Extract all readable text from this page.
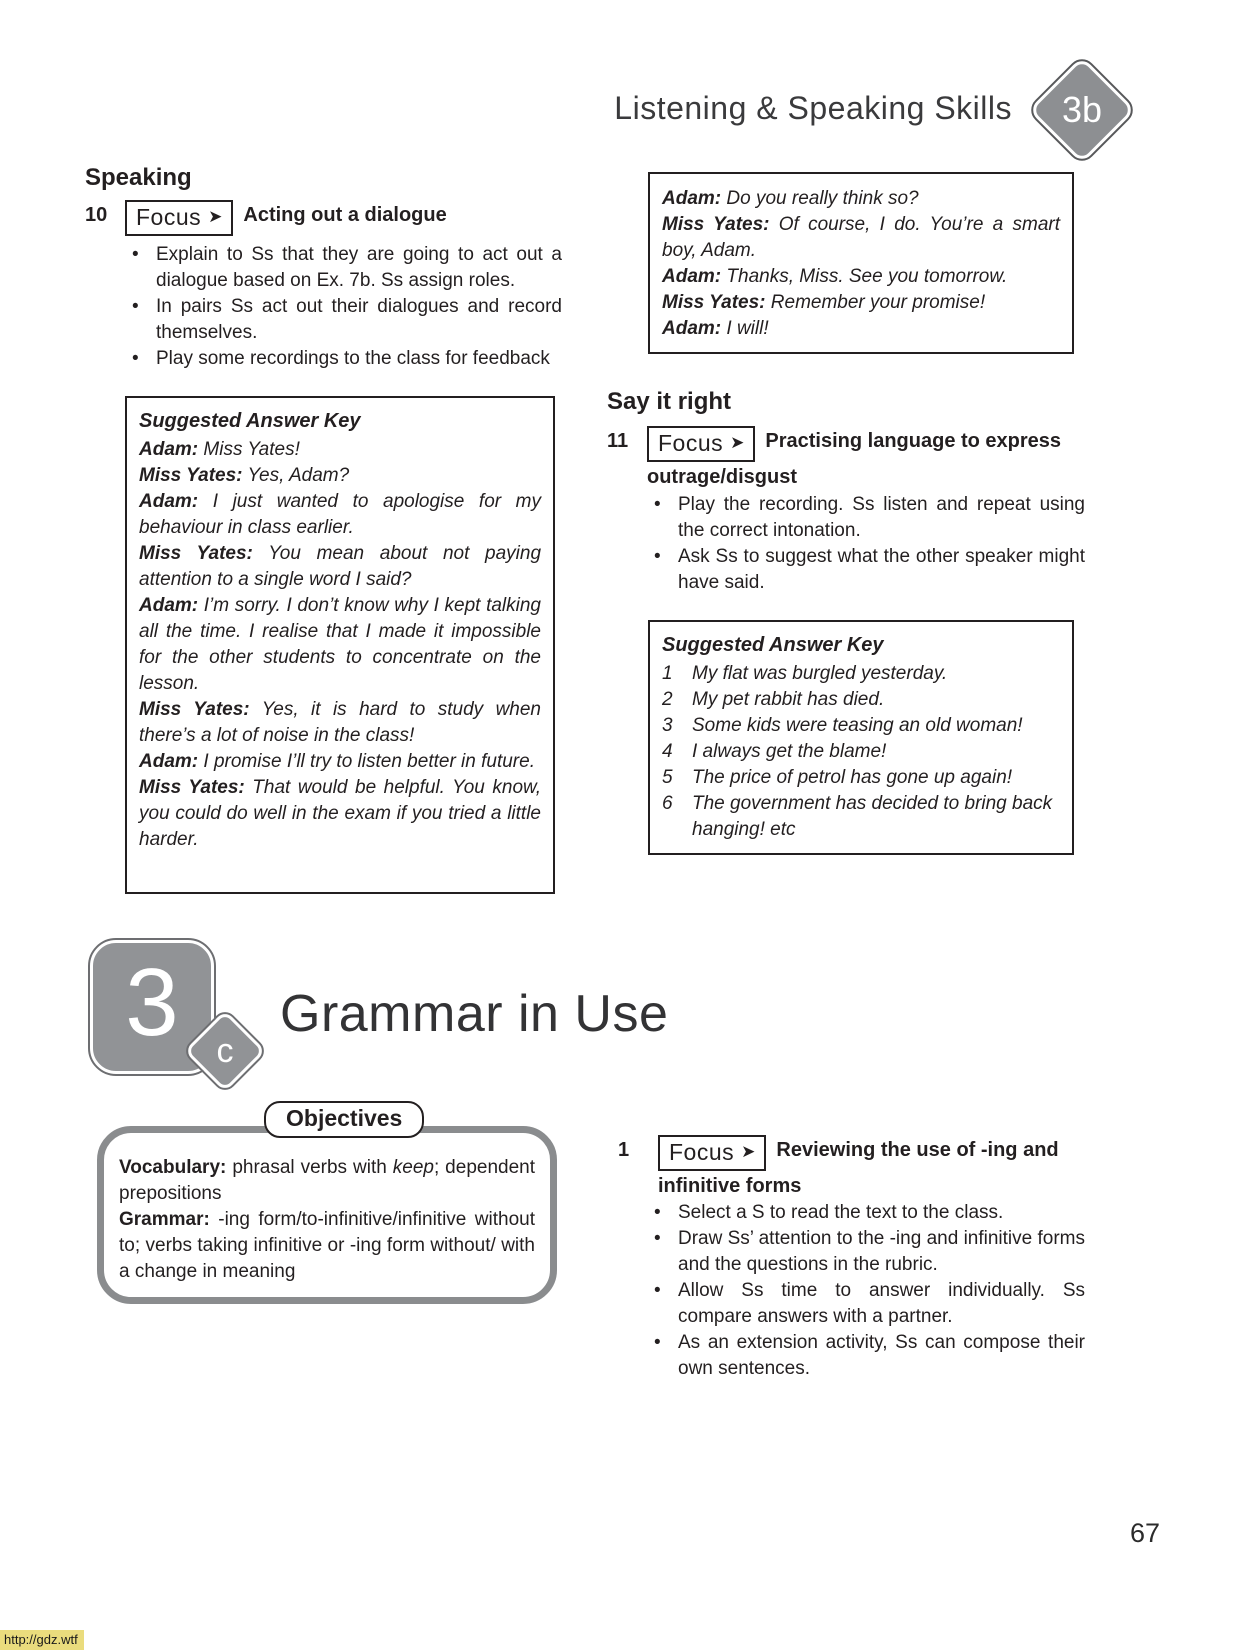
Listening & Speaking Skills 3b
Speaking
10	Focus ➤ Acting out a dialogue
• Explain to Ss that they are going to act out a dialogue based on Ex. 7b. Ss assign roles.
• In pairs Ss act out their dialogues and record themselves.
• Play some recordings to the class for feedback
Suggested Answer Key

Adam: Miss Yates!

Miss Yates: Yes, Adam?

Adam: I just wanted to apologise for my behaviour in class earlier.

Miss Yates: You mean about not paying attention to a single word I said?

Adam: I’m sorry. I don’t know why I kept talking all the time. I realise that I made it impossible for the other students to concentrate on the lesson.

Miss Yates: Yes, it is hard to study when there’s a lot of noise in the class!

Adam: I promise I’ll try to listen better in future.

Miss Yates: That would be helpful. You know, you could do well in the exam if you tried a little harder.

Adam: Do you really think so?

Miss Yates: Of course, I do. You’re a smart boy, Adam.

Adam: Thanks, Miss. See you tomorrow.

Miss Yates: Remember your promise!

Adam: I will!

Say it right
11	Focus ➤ Practising language to express outrage/disgust
• Play the recording. Ss listen and repeat using the correct intonation.
• Ask Ss to suggest what the other speaker might have said.
Suggested Answer Key
1	My flat was burgled yesterday.
2	My pet rabbit has died.
3	Some kids were teasing an old woman!
4	I always get the blame!
5	The price of petrol has gone up again!
6	The government has decided to bring back hanging! etc
3 c
Grammar in Use
Objectives

Vocabulary: phrasal verbs with keep; dependent prepositions

Grammar: -ing form/to-infinitive/infinitive without to; verbs taking infinitive or -ing form without/ with a change in meaning

1	Focus ➤ Reviewing the use of -ing and infinitive forms
• Select a S to read the text to the class.
• Draw Ss’ attention to the -ing and infinitive forms and the questions in the rubric.
• Allow Ss time to answer individually. Ss compare answers with a partner.
• As an extension activity, Ss can compose their own sentences.
67
http://gdz.wtf
